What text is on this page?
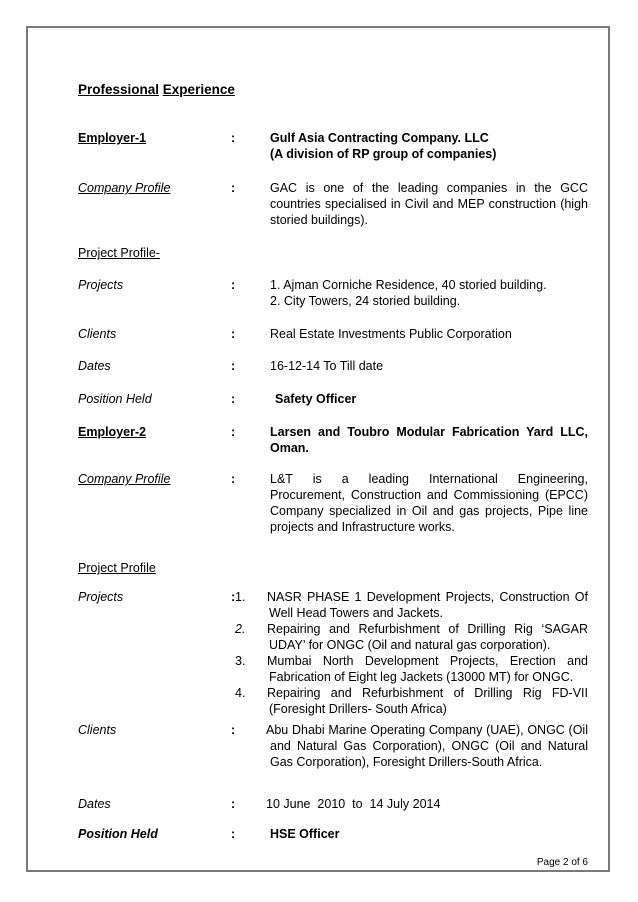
Professional Experience
Employer-1	:	Gulf Asia Contracting Company. LLC
(A division of RP group of companies)
Company Profile	:	GAC is one of the leading companies in the GCC countries specialised in Civil and MEP construction (high storied buildings).
Project Profile-
Projects	:	1. Ajman Corniche Residence, 40 storied building.
2. City Towers, 24 storied building.
Clients	:	Real Estate Investments Public Corporation
Dates	:	16-12-14 To Till date
Position Held	:	Safety Officer
Employer-2	:	Larsen and Toubro Modular Fabrication Yard LLC,
Oman.
Company Profile	:	L&T is a leading International Engineering,
Procurement, Construction and Commissioning (EPCC) Company specialized in Oil and gas projects, Pipe line projects and Infrastructure works.
Project Profile
Projects	: 1. NASR PHASE 1 Development Projects, Construction Of Well Head Towers and Jackets.
2. Repairing and Refurbishment of Drilling Rig ‘SAGAR UDAY’ for ONGC (Oil and natural gas corporation).
3. Mumbai North Development Projects, Erection and Fabrication of Eight leg Jackets (13000 MT) for ONGC.
4. Repairing and Refurbishment of Drilling Rig FD-VII (Foresight Drillers- South Africa)
Clients	: Abu Dhabi Marine Operating Company (UAE), ONGC (Oil and Natural Gas Corporation), ONGC (Oil and Natural Gas Corporation), Foresight Drillers-South Africa.
Dates	: 10 June  2010  to  14 July 2014
Position Held	:	HSE Officer
Page 2 of 6
